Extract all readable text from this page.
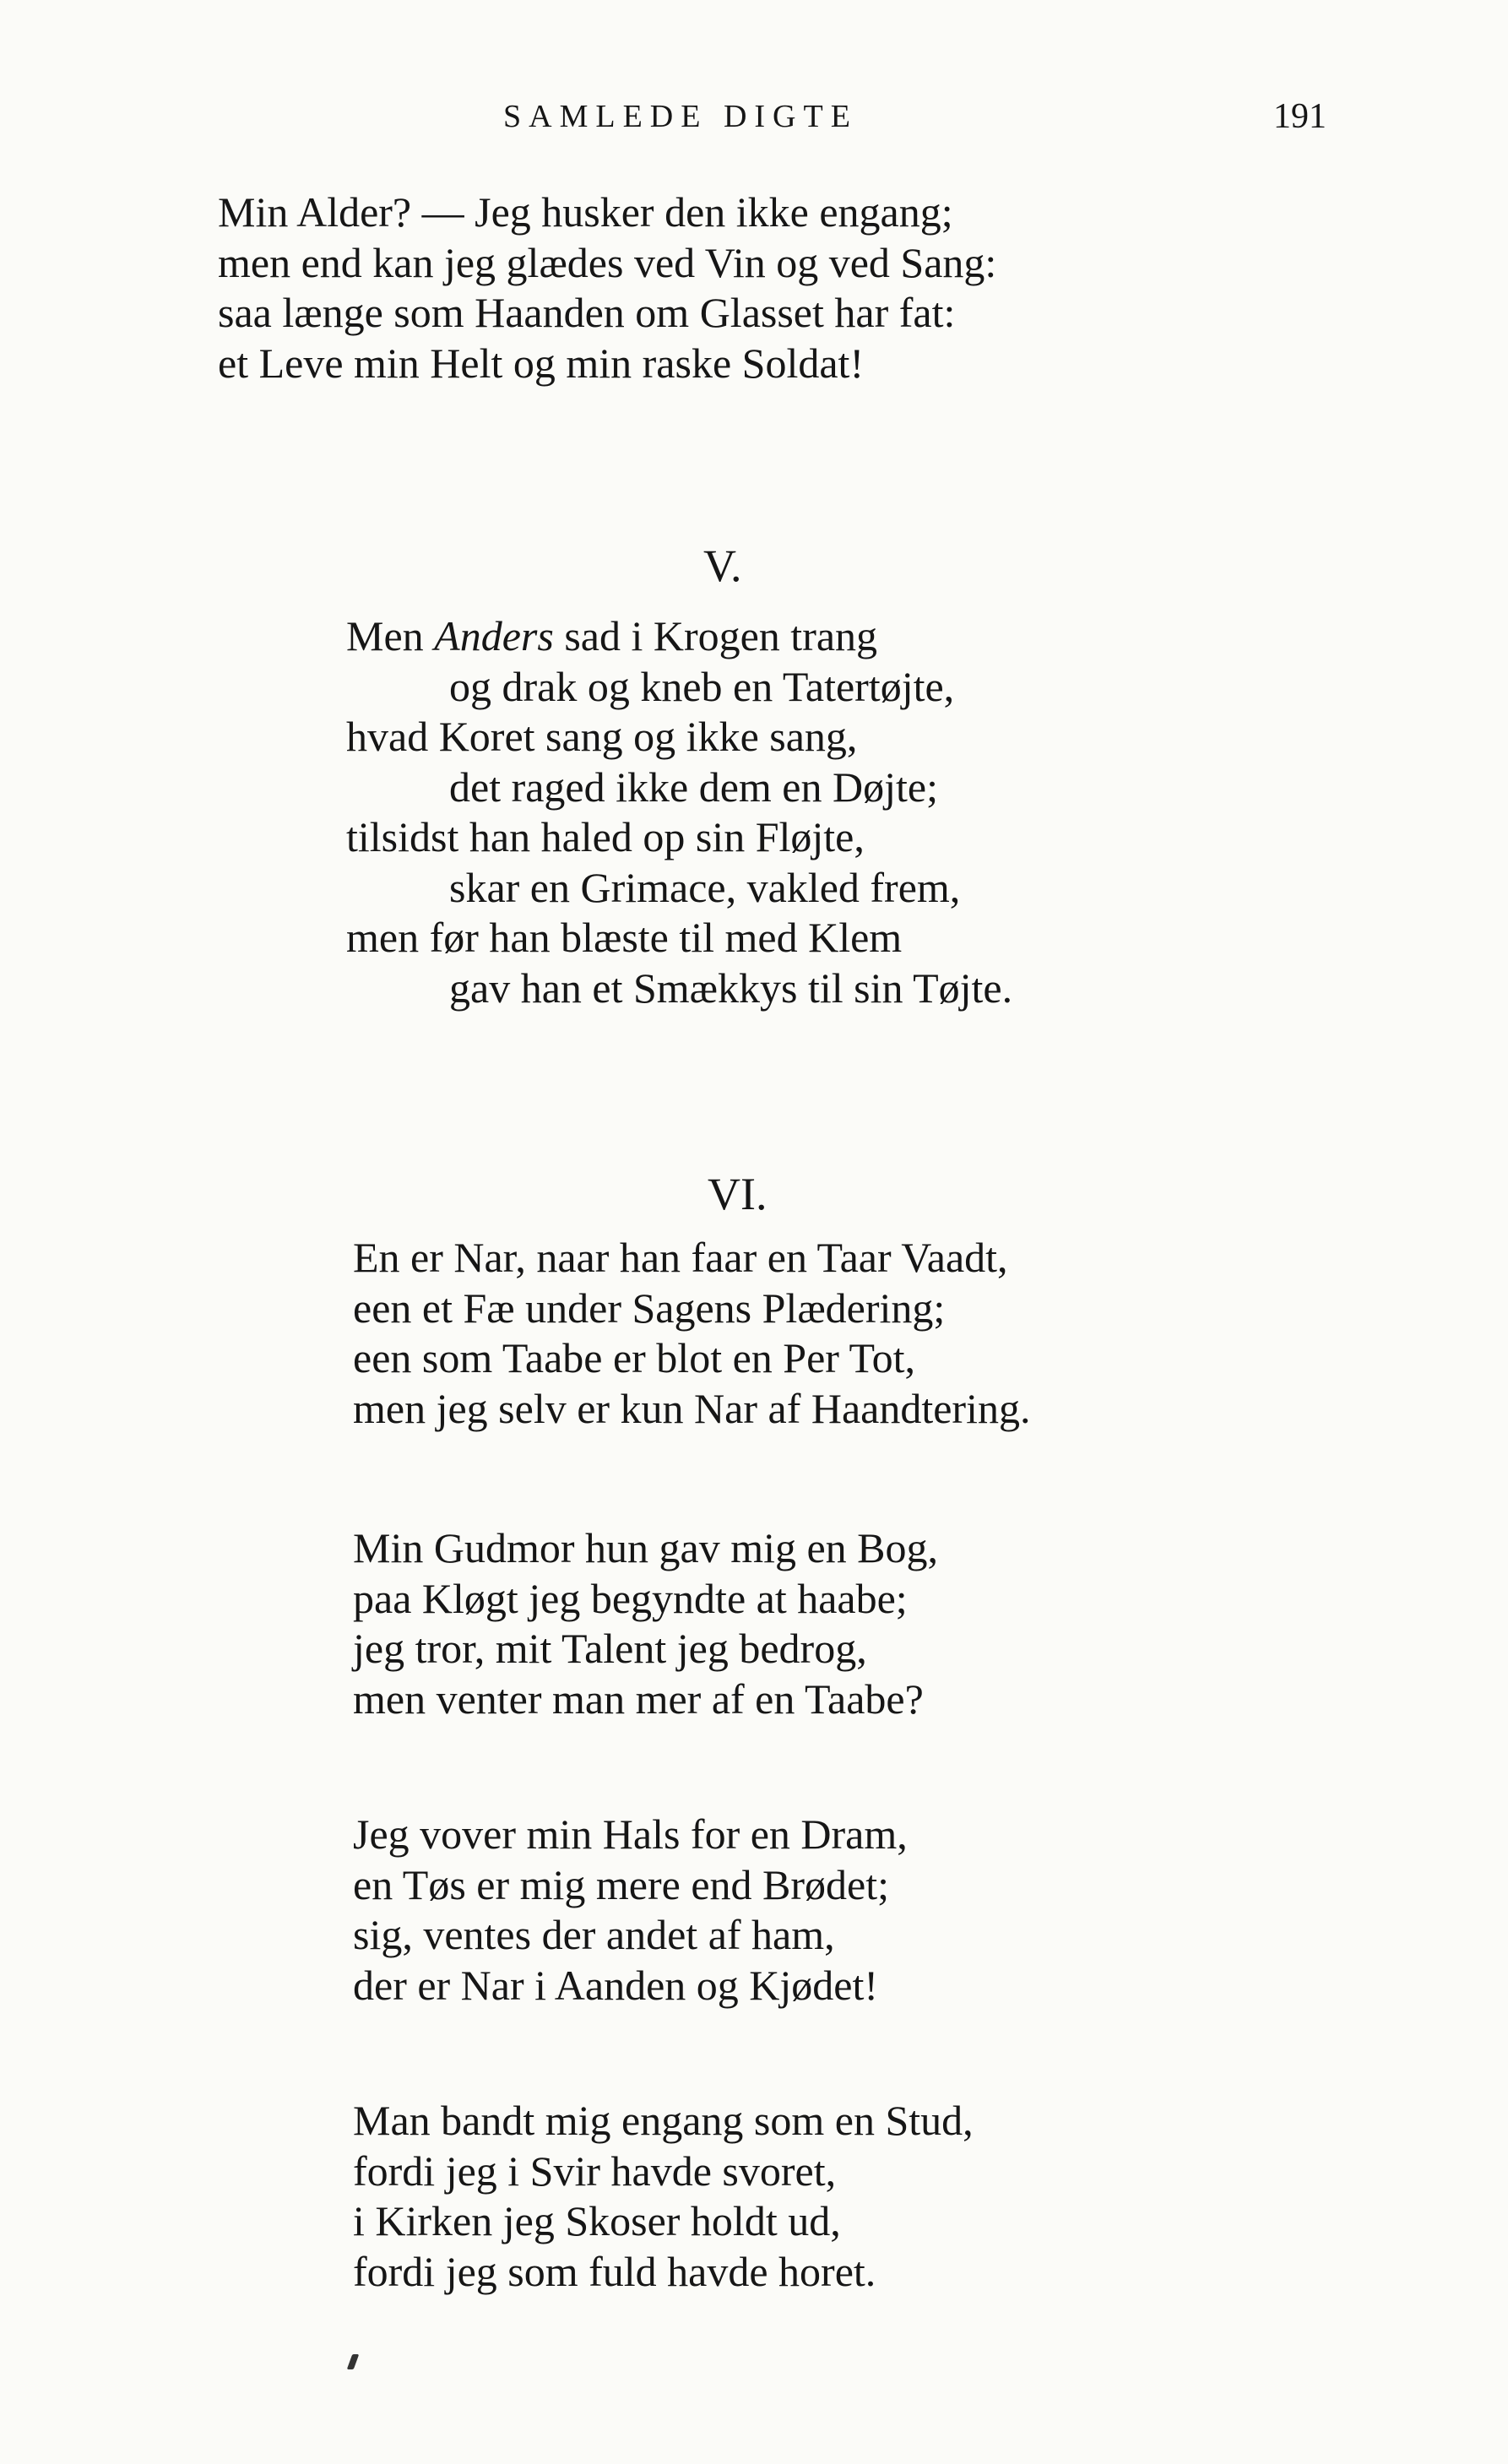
SAMLEDE DIGTE	191
Min Alder? — Jeg husker den ikke engang;
men end kan jeg glædes ved Vin og ved Sang:
saa længe som Haanden om Glasset har fat:
et Leve min Helt og min raske Soldat!
V.
Men Anders sad i Krogen trang
og drak og kneb en Tatertøjte,
hvad Koret sang og ikke sang,
det raged ikke dem en Døjte;
tilsidst han haled op sin Fløjte,
skar en Grimace, vakled frem,
men før han blæste til med Klem
gav han et Smækkys til sin Tøjte.
VI.
En er Nar, naar han faar en Taar Vaadt,
een et Fæ under Sagens Plædering;
een som Taabe er blot en Per Tot,
men jeg selv er kun Nar af Haandtering.
Min Gudmor hun gav mig en Bog,
paa Kløgt jeg begyndte at haabe;
jeg tror, mit Talent jeg bedrog,
men venter man mer af en Taabe?
Jeg vover min Hals for en Dram,
en Tøs er mig mere end Brødet;
sig, ventes der andet af ham,
der er Nar i Aanden og Kjødet!
Man bandt mig engang som en Stud,
fordi jeg i Svir havde svoret,
i Kirken jeg Skoser holdt ud,
fordi jeg som fuld havde horet.
